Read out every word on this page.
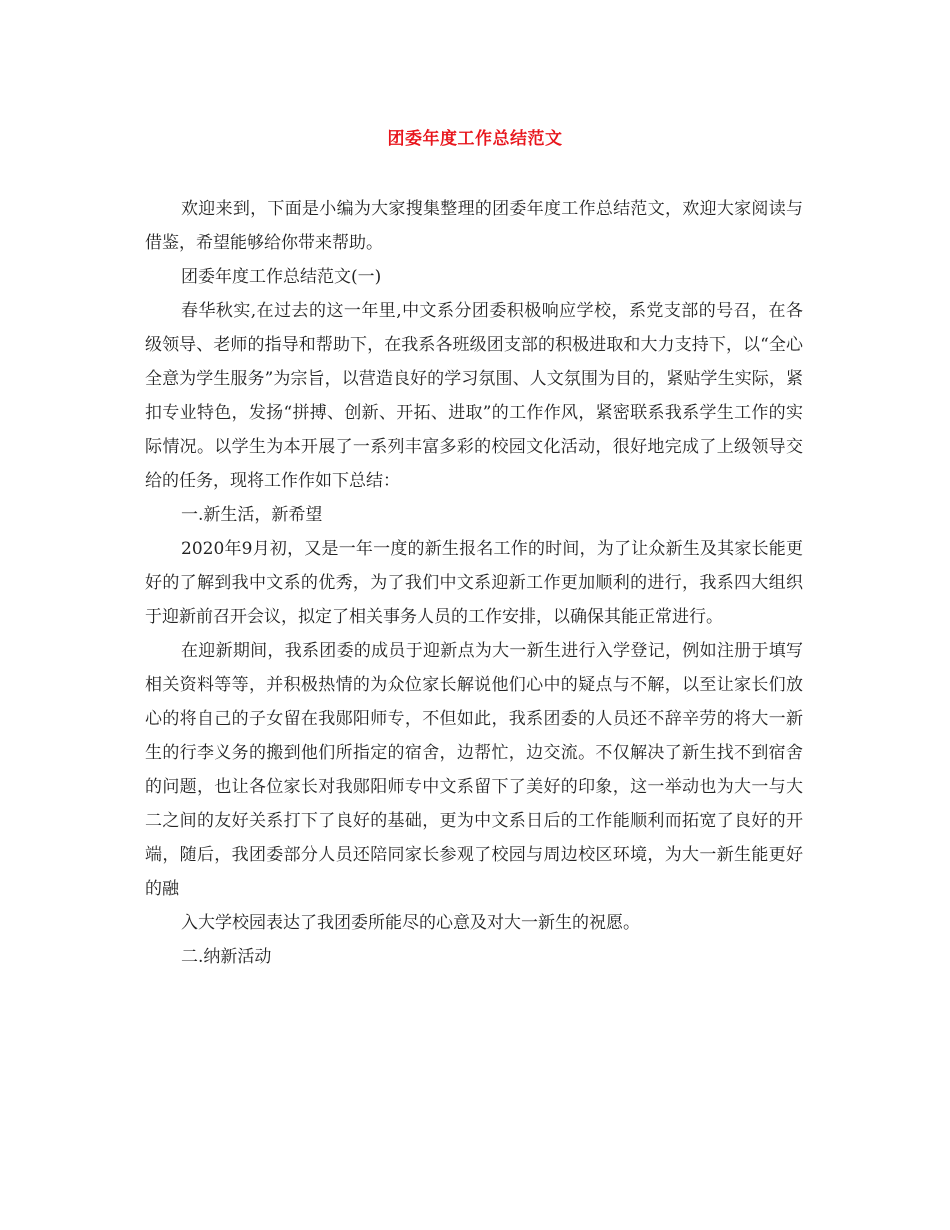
团委年度工作总结范文

欢迎来到，下面是小编为大家搜集整理的团委年度工作总结范文，欢迎大家阅读与借鉴，希望能够给你带来帮助。

团委年度工作总结范文(一)

春华秋实,在过去的这一年里,中文系分团委积极响应学校，系党支部的号召，在各级领导、老师的指导和帮助下，在我系各班级团支部的积极进取和大力支持下，以“全心全意为学生服务”为宗旨，以营造良好的学习氛围、人文氛围为目的，紧贴学生实际，紧扣专业特色，发扬“拼搏、创新、开拓、进取”的工作作风，紧密联系我系学生工作的实际情况。以学生为本开展了一系列丰富多彩的校园文化活动，很好地完成了上级领导交给的任务，现将工作作如下总结：

一.新生活，新希望

2020年9月初，又是一年一度的新生报名工作的时间，为了让众新生及其家长能更好的了解到我中文系的优秀，为了我们中文系迎新工作更加顺利的进行，我系四大组织于迎新前召开会议，拟定了相关事务人员的工作安排，以确保其能正常进行。

在迎新期间，我系团委的成员于迎新点为大一新生进行入学登记，例如注册于填写相关资料等等，并积极热情的为众位家长解说他们心中的疑点与不解，以至让家长们放心的将自己的子女留在我郧阳师专，不但如此，我系团委的人员还不辞辛劳的将大一新生的行李义务的搬到他们所指定的宿舍，边帮忙，边交流。不仅解决了新生找不到宿舍的问题，也让各位家长对我郧阳师专中文系留下了美好的印象，这一举动也为大一与大二之间的友好关系打下了良好的基础，更为中文系日后的工作能顺利而拓宽了良好的开端，随后，我团委部分人员还陪同家长参观了校园与周边校区环境，为大一新生能更好的融

入大学校园表达了我团委所能尽的心意及对大一新生的祝愿。

二.纳新活动
